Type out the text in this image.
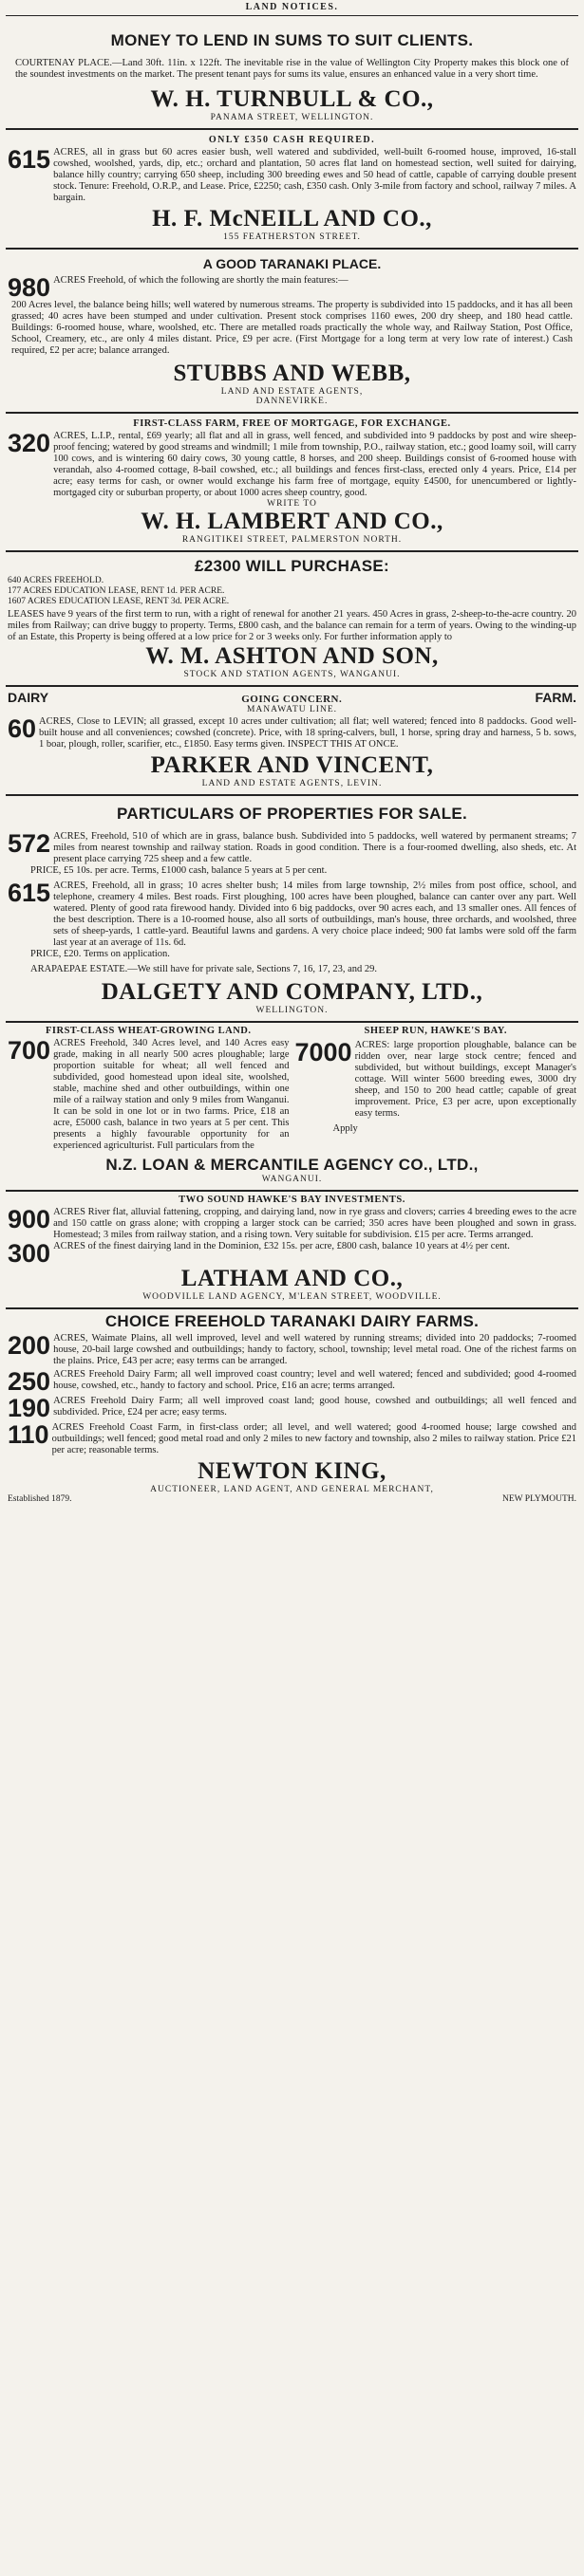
LAND NOTICES.
MONEY TO LEND IN SUMS TO SUIT CLIENTS.
COURTENAY PLACE.—Land 30ft. 11in. x 122ft. The inevitable rise in the value of Wellington City Property makes this block one of the soundest investments on the market. The present tenant pays for sums its value, ensures an enhanced value in a very short time.
W. H. TURNBULL & CO.,
PANAMA STREET, WELLINGTON.
ONLY £350 CASH REQUIRED.
615 ACRES, all in grass but 60 acres easier bush, well watered and subdivided, well-built 6-roomed house, improved, 16-stall cowshed, woolshed, yards, dip, etc.; orchard and plantation, 50 acres flat land on homestead section, well suited for dairying, balance hilly country; carrying 650 sheep, including 300 breeding ewes and 50 head of cattle, capable of carrying double present stock. Tenure: Freehold, O.R.P., and Lease. Price, £2250; cash, £350 cash. Only 3-mile from factory and school, railway 7 miles. A bargain.
H. F. McNEILL AND CO.,
155 FEATHERSTON STREET.
A GOOD TARANAKI PLACE.
980 ACRES Freehold, of which the following are shortly the main features:—
200 Acres level, the balance being hills; well watered by numerous streams. The property is subdivided into 15 paddocks, and it has all been grassed; 40 acres have been stumped and under cultivation. Present stock comprises 1160 ewes, 200 dry sheep, and 180 head cattle. Buildings: 6-roomed house, whare, woolshed, etc. There are metalled roads practically the whole way, and Railway Station, Post Office, School, Creamery, etc., are only 4 miles distant. Price, £9 per acre. (First Mortgage for a long term at very low rate of interest.) Cash required, £2 per acre; balance arranged.
STUBBS AND WEBB,
LAND AND ESTATE AGENTS,
DANNEVIRKE.
FIRST-CLASS FARM, FREE OF MORTGAGE, FOR EXCHANGE.
320 ACRES, L.I.P., rental, £69 yearly; all flat and all in grass, well fenced, and subdivided into 9 paddocks by post and wire sheep-proof fencing; watered by good streams and windmill; 1 mile from township, P.O., railway station, etc.; good loamy soil, will carry 100 cows, and is wintering 60 dairy cows, 30 young cattle, 8 horses, and 200 sheep. Buildings consist of 6-roomed house with verandah, also 4-roomed cottage, 8-bail cowshed, etc.; all buildings and fences first-class, erected only 4 years. Price, £14 per acre; easy terms for cash, or owner would exchange his farm free of mortgage, equity £4500, for unencumbered or lightly-mortgaged city or suburban property, or about 1000 acres sheep country, good.
WRITE TO
W. H. LAMBERT AND CO.,
RANGITIKEI STREET, PALMERSTON NORTH.
£2300 WILL PURCHASE:
640 ACRES FREEHOLD.
177 ACRES EDUCATION LEASE, RENT 1d. PER ACRE.
1607 ACRES EDUCATION LEASE, RENT 3d. PER ACRE.
LEASES have 9 years of the first term to run, with a right of renewal for another 21 years. 450 Acres in grass, 2-sheep-to-the-acre country. 20 miles from Railway; can drive buggy to property. Terms, £800 cash, and the balance can remain for a term of years. Owing to the winding-up of an Estate, this Property is being offered at a low price for 2 or 3 weeks only. For further information apply to
W. M. ASHTON AND SON,
STOCK AND STATION AGENTS, WANGANUI.
DAIRY	GOING CONCERN.	FARM.
MANAWATU LINE.
60 ACRES, Close to LEVIN; all grassed, except 10 acres under cultivation; all flat; well watered; fenced into 8 paddocks. Good well-built house and all conveniences; cowshed (concrete). Price, with 18 spring-calvers, bull, 1 horse, spring dray and harness, 5 b. sows, 1 boar, plough, roller, scarifier, etc., £1850. Easy terms given. INSPECT THIS AT ONCE.
PARKER AND VINCENT,
LAND AND ESTATE AGENTS, LEVIN.
PARTICULARS OF PROPERTIES FOR SALE.
572 ACRES, Freehold, 510 of which are in grass, balance bush. Subdivided into 5 paddocks, well watered by permanent streams; 7 miles from nearest township and railway station. Roads in good condition. There is a four-roomed dwelling, also sheds, etc. At present place carrying 725 sheep and a few cattle.
PRICE, £5 10s. per acre. Terms, £1000 cash, balance 5 years at 5 per cent.
615 ACRES, Freehold, all in grass; 10 acres shelter bush; 14 miles from large township, 2½ miles from post office, school, and telephone, creamery 4 miles. Best roads. First ploughing, 100 acres have been ploughed, balance can canter over any part. Well watered. Plenty of good rata firewood handy. Divided into 6 big paddocks, over 90 acres each, and 13 smaller ones. All fences of the best description. There is a 10-roomed house, also all sorts of outbuildings, man's house, three orchards, and woolshed, three sets of sheep-yards, 1 cattle-yard. Beautiful lawns and gardens. A very choice place indeed; 900 fat lambs were sold off the farm last year at an average of 11s. 6d.
PRICE, £20. Terms on application.
ARAPAEPAE ESTATE.—We still have for private sale, Sections 7, 16, 17, 23, and 29.
DALGETY AND COMPANY, LTD.,
WELLINGTON.
FIRST-CLASS WHEAT-GROWING LAND.
700 ACRES Freehold, 340 Acres level, and 140 Acres easy grade, making in all nearly 500 acres ploughable; large proportion suitable for wheat; all well fenced and subdivided, good homestead upon ideal site, woolshed, stable, machine shed and other outbuildings, within one mile of a railway station and only 9 miles from Wanganui. It can be sold in one lot or in two farms. Price, £18 an acre, £5000 cash, balance in two years at 5 per cent. This presents a highly favourable opportunity for an experienced agriculturist. Full particulars from the
SHEEP RUN, HAWKE'S BAY.
7000 ACRES: large proportion ploughable, balance can be ridden over, near large stock centre; fenced and subdivided, but without buildings, except Manager's cottage. Will winter 5600 breeding ewes, 3000 dry sheep, and 150 to 200 head cattle; capable of great improvement. Price, £3 per acre, upon exceptionally easy terms.
Apply
N.Z. LOAN & MERCANTILE AGENCY CO., LTD.,
WANGANUI.
TWO SOUND HAWKE'S BAY INVESTMENTS.
900 ACRES River flat, alluvial fattening, cropping, and dairying land, now in rye grass and clovers; carries 4 breeding ewes to the acre and 150 cattle on grass alone; with cropping a larger stock can be carried; 350 acres have been ploughed and sown in grass. Homestead; 3 miles from railway station, and a rising town. Very suitable for subdivision. £15 per acre. Terms arranged.
300 ACRES of the finest dairying land in the Dominion, £32 15s. per acre, £800 cash, balance 10 years at 4½ per cent.
LATHAM AND CO.,
WOODVILLE LAND AGENCY, M'LEAN STREET, WOODVILLE.
CHOICE FREEHOLD TARANAKI DAIRY FARMS.
200 ACRES, Waimate Plains, all well improved, level and well watered by running streams; divided into 20 paddocks; 7-roomed house, 20-bail large cowshed and outbuildings; handy to factory, school, township; level metal road. One of the richest farms on the plains. Price, £43 per acre; easy terms can be arranged.
250 ACRES Freehold Dairy Farm; all well improved coast country; level and well watered; fenced and subdivided; good 4-roomed house, cowshed, etc., handy to factory and school. Price, £16 an acre; terms arranged.
190 ACRES Freehold Dairy Farm; all well improved coast land; good house, cowshed and outbuildings; all well fenced and subdivided. Price, £24 per acre; easy terms.
110 ACRES Freehold Coast Farm, in first-class order; all level, and well watered; good 4-roomed house; large cowshed and outbuildings; well fenced; good metal road and only 2 miles to new factory and township, also 2 miles to railway station. Price £21 per acre; reasonable terms.
NEWTON KING,
AUCTIONEER, LAND AGENT, AND GENERAL MERCHANT,
Established 1879.	NEW PLYMOUTH.
